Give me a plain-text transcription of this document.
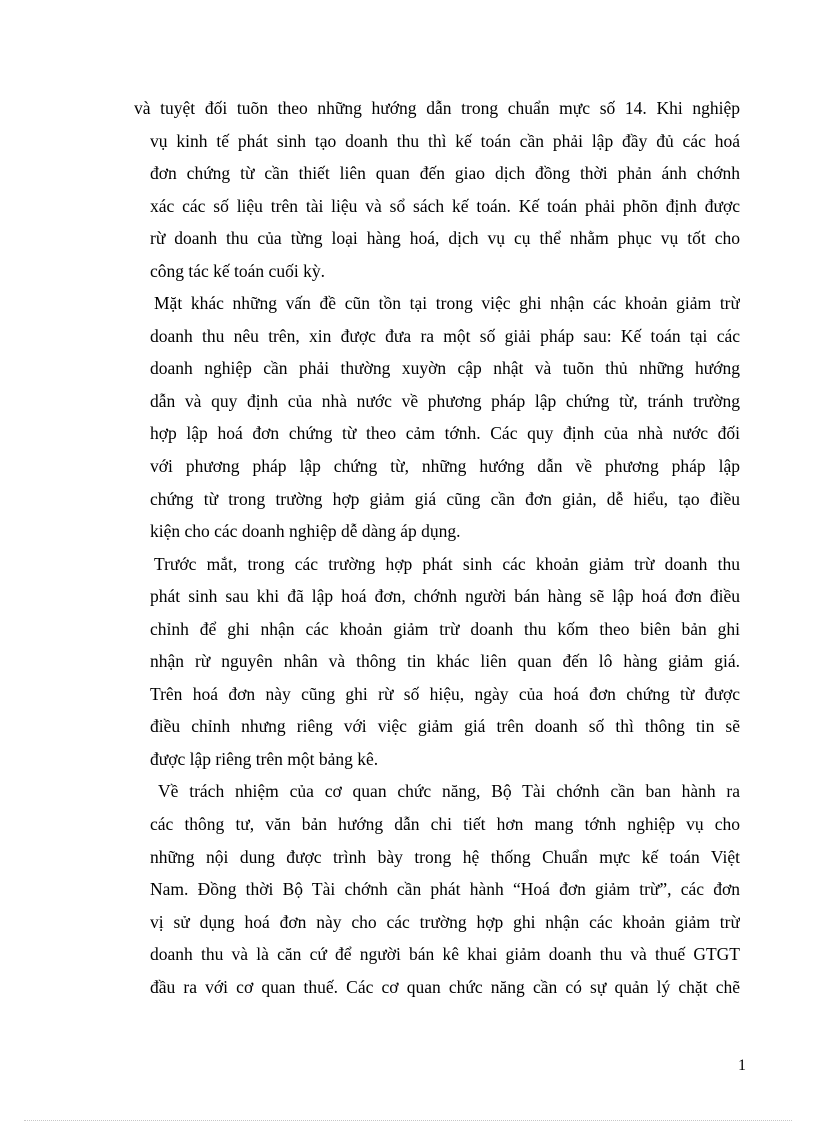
và tuyệt đối tuõn theo những hướng dẫn trong chuẩn mực số 14. Khi nghiệp
vụ kinh tế phát sinh tạo doanh thu thì kế toán cần phải lập đầy đủ các hoá
đơn chứng từ cần thiết liên quan đến giao dịch đồng thời phản ánh chớnh
xác các số liệu trên tài liệu và sổ sách kế toán. Kế toán phải phõn định được
rừ doanh thu của từng loại hàng hoá, dịch vụ cụ thể nhằm phục vụ tốt cho
công tác kế toán cuối kỳ.
Mặt khác những vấn đề cũn tồn tại trong việc ghi nhận các khoản giảm trừ
doanh thu nêu trên, xin được đưa ra một số giải pháp sau: Kế toán tại các
doanh nghiệp cần phải thường xuyờn cập nhật và tuõn thủ những hướng
dẫn và quy định của nhà nước về phương pháp lập chứng từ, tránh trường
hợp lập hoá đơn chứng từ theo cảm tớnh. Các quy định của nhà nước đối
với phương pháp lập chứng từ, những hướng dẫn về phương pháp lập
chứng từ trong trường hợp giảm giá cũng cần đơn giản, dễ hiểu, tạo điều
kiện cho các doanh nghiệp dễ dàng áp dụng.
Trước mắt, trong các trường hợp phát sinh các khoản giảm trừ doanh thu
phát sinh sau khi đã lập hoá đơn, chớnh người bán hàng sẽ lập hoá đơn điều
chỉnh để ghi nhận các khoản giảm trừ doanh thu kốm theo biên bản ghi
nhận rừ nguyên nhân và thông tin khác liên quan đến lô hàng giảm giá.
Trên hoá đơn này cũng ghi rừ số hiệu, ngày của hoá đơn chứng từ được
điều chỉnh nhưng riêng với việc giảm giá trên doanh số thì thông tin sẽ
được lập riêng trên một bảng kê.
Về trách nhiệm của cơ quan chức năng, Bộ Tài chớnh cần ban hành ra
các thông tư, văn bản hướng dẫn chi tiết hơn mang tớnh nghiệp vụ cho
những nội dung được trình bày trong hệ thống Chuẩn mực kế toán Việt
Nam. Đồng thời Bộ Tài chớnh cần phát hành “Hoá đơn giảm trừ”, các đơn
vị sử dụng hoá đơn này cho các trường hợp ghi nhận các khoản giảm trừ
doanh thu và là căn cứ để người bán kê khai giảm doanh thu và thuế GTGT
đầu ra với cơ quan thuế. Các cơ quan chức năng cần có sự quản lý chặt chẽ
1
